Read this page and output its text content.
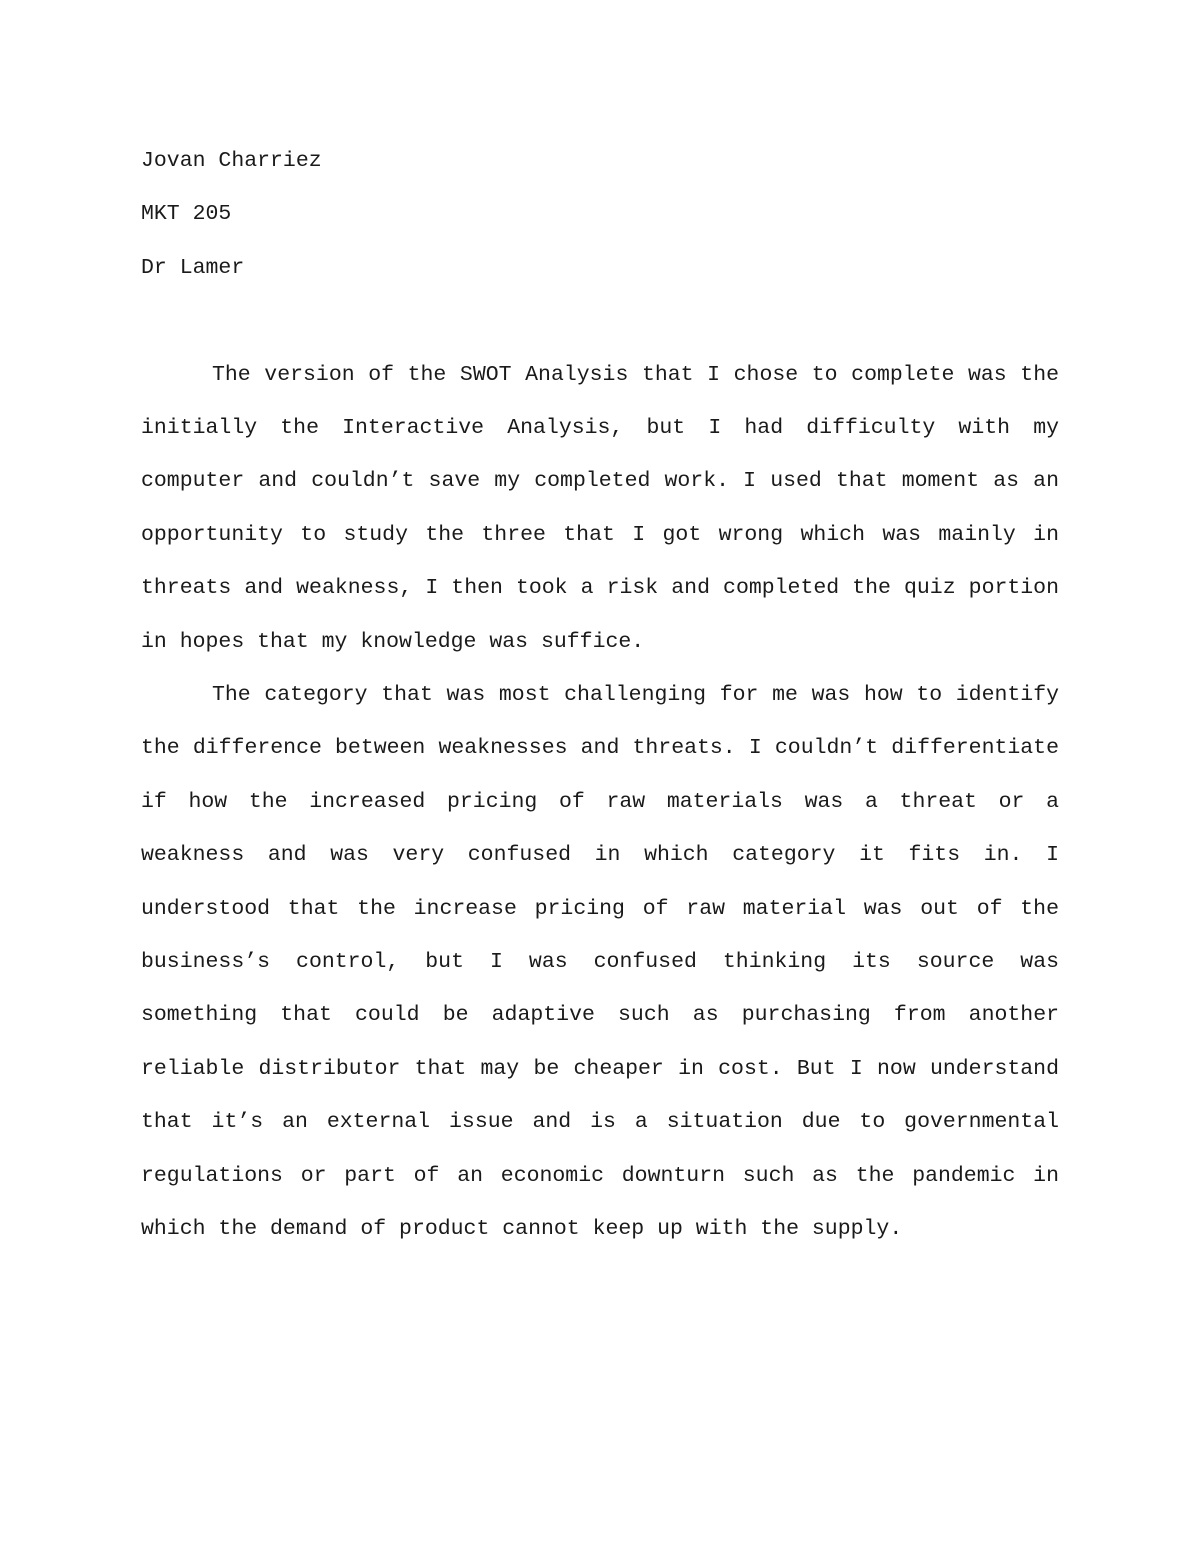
Jovan Charriez

MKT 205

Dr Lamer

The version of the SWOT Analysis that I chose to complete was the initially the Interactive Analysis, but I had difficulty with my computer and couldn’t save my completed work. I used that moment as an opportunity to study the three that I got wrong which was mainly in threats and weakness, I then took a risk and completed the quiz portion in hopes that my knowledge was suffice.

The category that was most challenging for me was how to identify the difference between weaknesses and threats. I couldn’t differentiate if how the increased pricing of raw materials was a threat or a weakness and was very confused in which category it fits in. I understood that the increase pricing of raw material was out of the business’s control, but I was confused thinking its source was something that could be adaptive such as purchasing from another reliable distributor that may be cheaper in cost. But I now understand that it’s an external issue and is a situation due to governmental regulations or part of an economic downturn such as the pandemic in which the demand of product cannot keep up with the supply.
